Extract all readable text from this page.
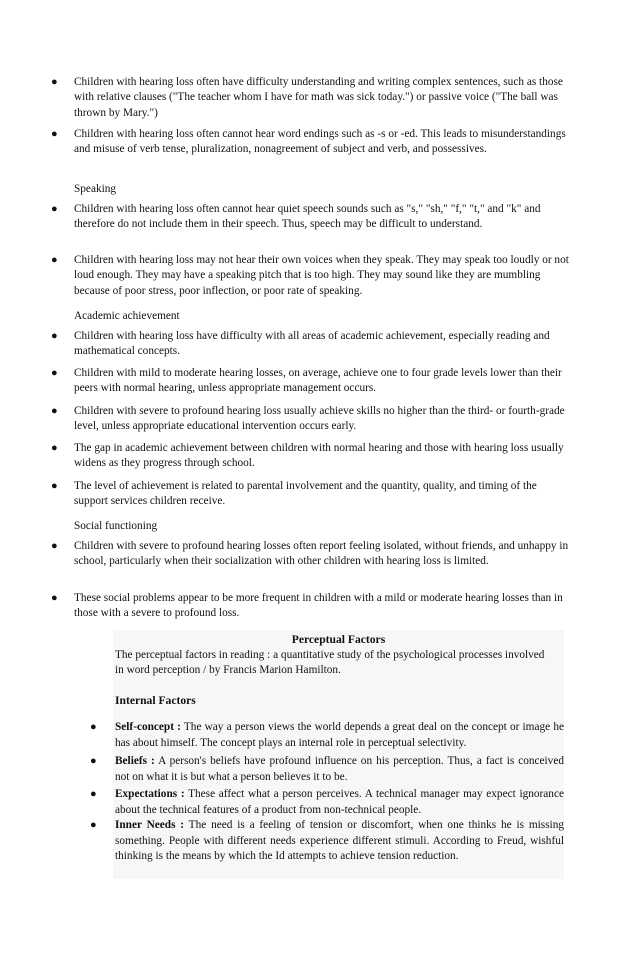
● Children with hearing loss often have difficulty understanding and writing complex sentences, such as those with relative clauses ("The teacher whom I have for math was sick today.") or passive voice ("The ball was thrown by Mary.")
● Children with hearing loss often cannot hear word endings such as -s or -ed. This leads to misunderstandings and misuse of verb tense, pluralization, nonagreement of subject and verb, and possessives.
Speaking
● Children with hearing loss often cannot hear quiet speech sounds such as "s," "sh," "f," "t," and "k" and therefore do not include them in their speech. Thus, speech may be difficult to understand.
● Children with hearing loss may not hear their own voices when they speak. They may speak too loudly or not loud enough. They may have a speaking pitch that is too high. They may sound like they are mumbling because of poor stress, poor inflection, or poor rate of speaking.
Academic achievement
● Children with hearing loss have difficulty with all areas of academic achievement, especially reading and mathematical concepts.
● Children with mild to moderate hearing losses, on average, achieve one to four grade levels lower than their peers with normal hearing, unless appropriate management occurs.
● Children with severe to profound hearing loss usually achieve skills no higher than the third- or fourth-grade level, unless appropriate educational intervention occurs early.
● The gap in academic achievement between children with normal hearing and those with hearing loss usually widens as they progress through school.
● The level of achievement is related to parental involvement and the quantity, quality, and timing of the support services children receive.
Social functioning
● Children with severe to profound hearing losses often report feeling isolated, without friends, and unhappy in school, particularly when their socialization with other children with hearing loss is limited.
● These social problems appear to be more frequent in children with a mild or moderate hearing losses than in those with a severe to profound loss.
Perceptual Factors
The perceptual factors in reading : a quantitative study of the psychological processes involved in word perception / by Francis Marion Hamilton.
Internal Factors
● Self-concept : The way a person views the world depends a great deal on the concept or image he has about himself. The concept plays an internal role in perceptual selectivity.
● Beliefs : A person's beliefs have profound influence on his perception. Thus, a fact is conceived not on what it is but what a person believes it to be.
● Expectations : These affect what a person perceives. A technical manager may expect ignorance about the technical features of a product from non-technical people.
● Inner Needs : The need is a feeling of tension or discomfort, when one thinks he is missing something. People with different needs experience different stimuli. According to Freud, wishful thinking is the means by which the Id attempts to achieve tension reduction.
